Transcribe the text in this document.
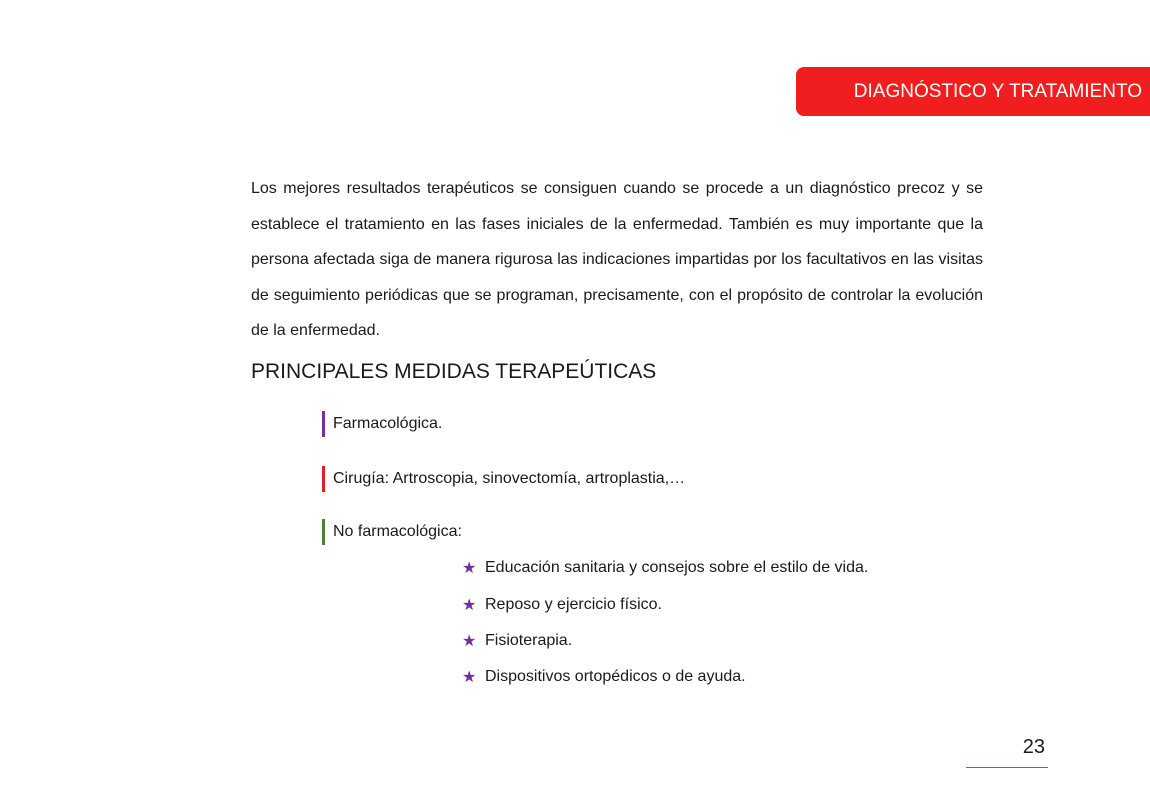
DIAGNÓSTICO Y TRATAMIENTO

Los mejores resultados terapéuticos se consiguen cuando se procede a un diagnóstico precoz y se establece el tratamiento en las fases iniciales de la enfermedad. También es muy importante que la persona afectada siga de manera rigurosa las indicaciones impartidas por los facultativos en las visitas de seguimiento periódicas que se programan, precisamente, con el propósito de controlar la evolución de la enfermedad.

PRINCIPALES MEDIDAS TERAPEÚTICAS
Farmacológica.
Cirugía: Artroscopia, sinovectomía, artroplastia,…
No farmacológica:
★ Educación sanitaria y consejos sobre el estilo de vida.
★ Reposo y ejercicio físico.
★ Fisioterapia.
★ Dispositivos ortopédicos o de ayuda.
23
